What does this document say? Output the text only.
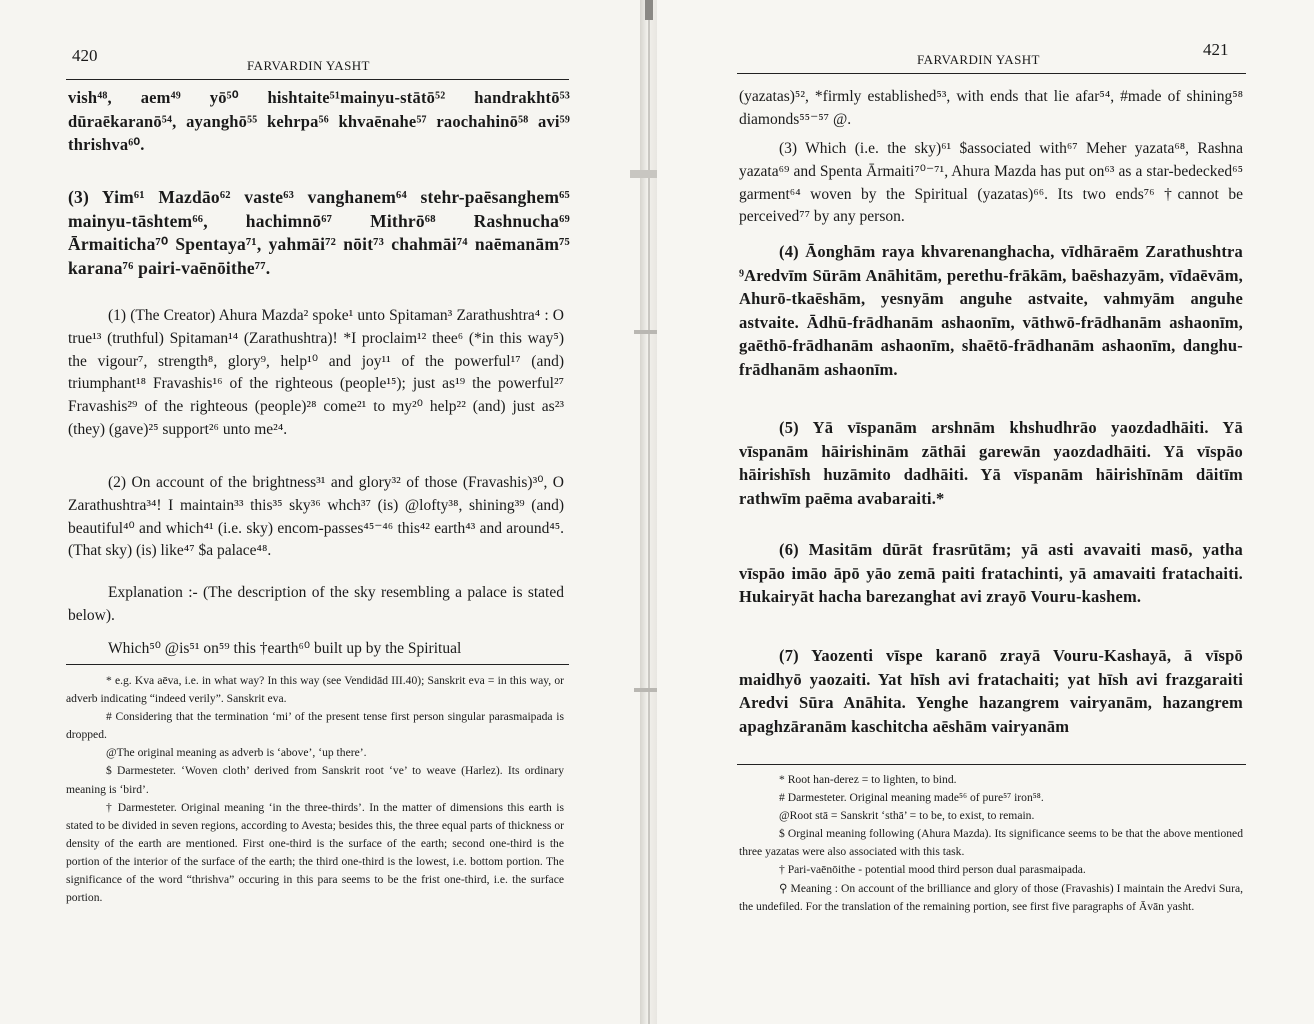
420
FARVARDIN YASHT

vish⁴⁸, aem⁴⁹ yō⁵⁰ hishtaite⁵¹mainyu-stātō⁵² handrakhtō⁵³ dūraēkaranō⁵⁴, ayanghō⁵⁵ kehrpa⁵⁶ khvaēnahe⁵⁷ raochahinō⁵⁸ avi⁵⁹ thrishva⁶⁰.

(3) Yim⁶¹ Mazdāo⁶² vaste⁶³ vanghanem⁶⁴ stehr-paēsanghem⁶⁵ mainyu-tāshtem⁶⁶, hachimnō⁶⁷ Mithrō⁶⁸ Rashnucha⁶⁹ Ārmaiticha⁷⁰ Spentaya⁷¹, yahmāi⁷² nōit⁷³ chahmāi⁷⁴ naēmanām⁷⁵ karana⁷⁶ pairi-vaēnōithe⁷⁷.

(1) (The Creator) Ahura Mazda² spoke¹ unto Spitaman³ Zarathushtra⁴ : O true¹³ (truthful) Spitaman¹⁴ (Zarathushtra)! *I proclaim¹² thee⁶ (*in this way⁵) the vigour⁷, strength⁸, glory⁹, help¹⁰ and joy¹¹ of the powerful¹⁷ (and) triumphant¹⁸ Fravashis¹⁶ of the righteous (people¹⁵); just as¹⁹ the powerful²⁷ Fravashis²⁹ of the righteous (people)²⁸ come²¹ to my²⁰ help²² (and) just as²³ (they) (gave)²⁵ support²⁶ unto me²⁴.

(2) On account of the brightness³¹ and glory³² of those (Fravashis)³⁰, O Zarathushtra³⁴! I maintain³³ this³⁵ sky³⁶ whch³⁷ (is) @lofty³⁸, shining³⁹ (and) beautiful⁴⁰ and which⁴¹ (i.e. sky) encom-passes⁴⁵⁻⁴⁶ this⁴² earth⁴³ and around⁴⁵. (That sky) (is) like⁴⁷ $a palace⁴⁸.

Explanation :- (The description of the sky resembling a palace is stated below).

Which⁵⁰ @is⁵¹ on⁵⁹ this †earth⁶⁰ built up by the Spiritual

* e.g. Kva aēva, i.e. in what way? In this way (see Vendidād III.40); Sanskrit eva = in this way, or adverb indicating “indeed verily”. Sanskrit eva.

# Considering that the termination ‘mi’ of the present tense first person singular parasmaipada is dropped.

@The original meaning as adverb is ‘above’, ‘up there’.

$ Darmesteter. ‘Woven cloth’ derived from Sanskrit root ‘ve’ to weave (Harlez). Its ordinary meaning is ‘bird’.

† Darmesteter. Original meaning ‘in the three-thirds’. In the matter of dimensions this earth is stated to be divided in seven regions, according to Avesta; besides this, the three equal parts of thickness or density of the earth are mentioned. First one-third is the surface of the earth; second one-third is the portion of the interior of the surface of the earth; the third one-third is the lowest, i.e. bottom portion. The significance of the word “thrishva” occuring in this para seems to be the frist one-third, i.e. the surface portion.

421
FARVARDIN YASHT

(yazatas)⁵², *firmly established⁵³, with ends that lie afar⁵⁴, #made of shining⁵⁸ diamonds⁵⁵⁻⁵⁷ @.

(3) Which (i.e. the sky)⁶¹ $associated with⁶⁷ Meher yazata⁶⁸, Rashna yazata⁶⁹ and Spenta Ārmaiti⁷⁰⁻⁷¹, Ahura Mazda has put on⁶³ as a star-bedecked⁶⁵ garment⁶⁴ woven by the Spiritual (yazatas)⁶⁶. Its two ends⁷⁶ †cannot be perceived⁷⁷ by any person.

(4) Āonghām raya khvarenanghacha, vīdhāraēm Zarathushtra ⁹Aredvīm Sūrām Anāhitām, perethu-frākām, baēshazyām, vīdaēvām, Ahurō-tkaēshām, yesnyām anguhe astvaite, vahmyām anguhe astvaite. Ādhū-frādhanām ashaonīm, vāthwō-frādhanām ashaonīm, gaēthō-frādhanām ashaonīm, shaētō-frādhanām ashaonīm, danghu-frādhanām ashaonīm.

(5) Yā vīspanām arshnām khshudhrāo yaozdadhāiti. Yā vīspanām hāirishinām zāthāi garewān yaozdadhāiti. Yā vīspāo hāirishīsh huzāmito dadhāiti. Yā vīspanām hāirishīnām dāitīm rathwīm paēma avabaraiti.*

(6) Masitām dūrāt frasrūtām; yā asti avavaiti masō, yatha vīspāo imāo āpō yāo zemā paiti fratachinti, yā amavaiti fratachaiti. Hukairyāt hacha barezanghat avi zrayō Vouru-kashem.

(7) Yaozenti vīspe karanō zrayā Vouru-Kashayā, ā vīspō maidhyō yaozaiti. Yat hīsh avi fratachaiti; yat hīsh avi frazgaraiti Aredvi Sūra Anāhita. Yenghe hazangrem vairyanām, hazangrem apaghzāranām kaschitcha aēshām vairyanām

* Root han-derez = to lighten, to bind.

# Darmesteter. Original meaning made⁵⁶ of pure⁵⁷ iron⁵⁸.

@Root stā = Sanskrit ‘sthā’ = to be, to exist, to remain.

$ Orginal meaning following (Ahura Mazda). Its significance seems to be that the above mentioned three yazatas were also associated with this task.

† Pari-vaēnōithe - potential mood third person dual parasmaipada.

⚲ Meaning : On account of the brilliance and glory of those (Fravashis) I maintain the Aredvi Sura, the undefiled. For the translation of the remaining portion, see first five paragraphs of Āvān yasht.
